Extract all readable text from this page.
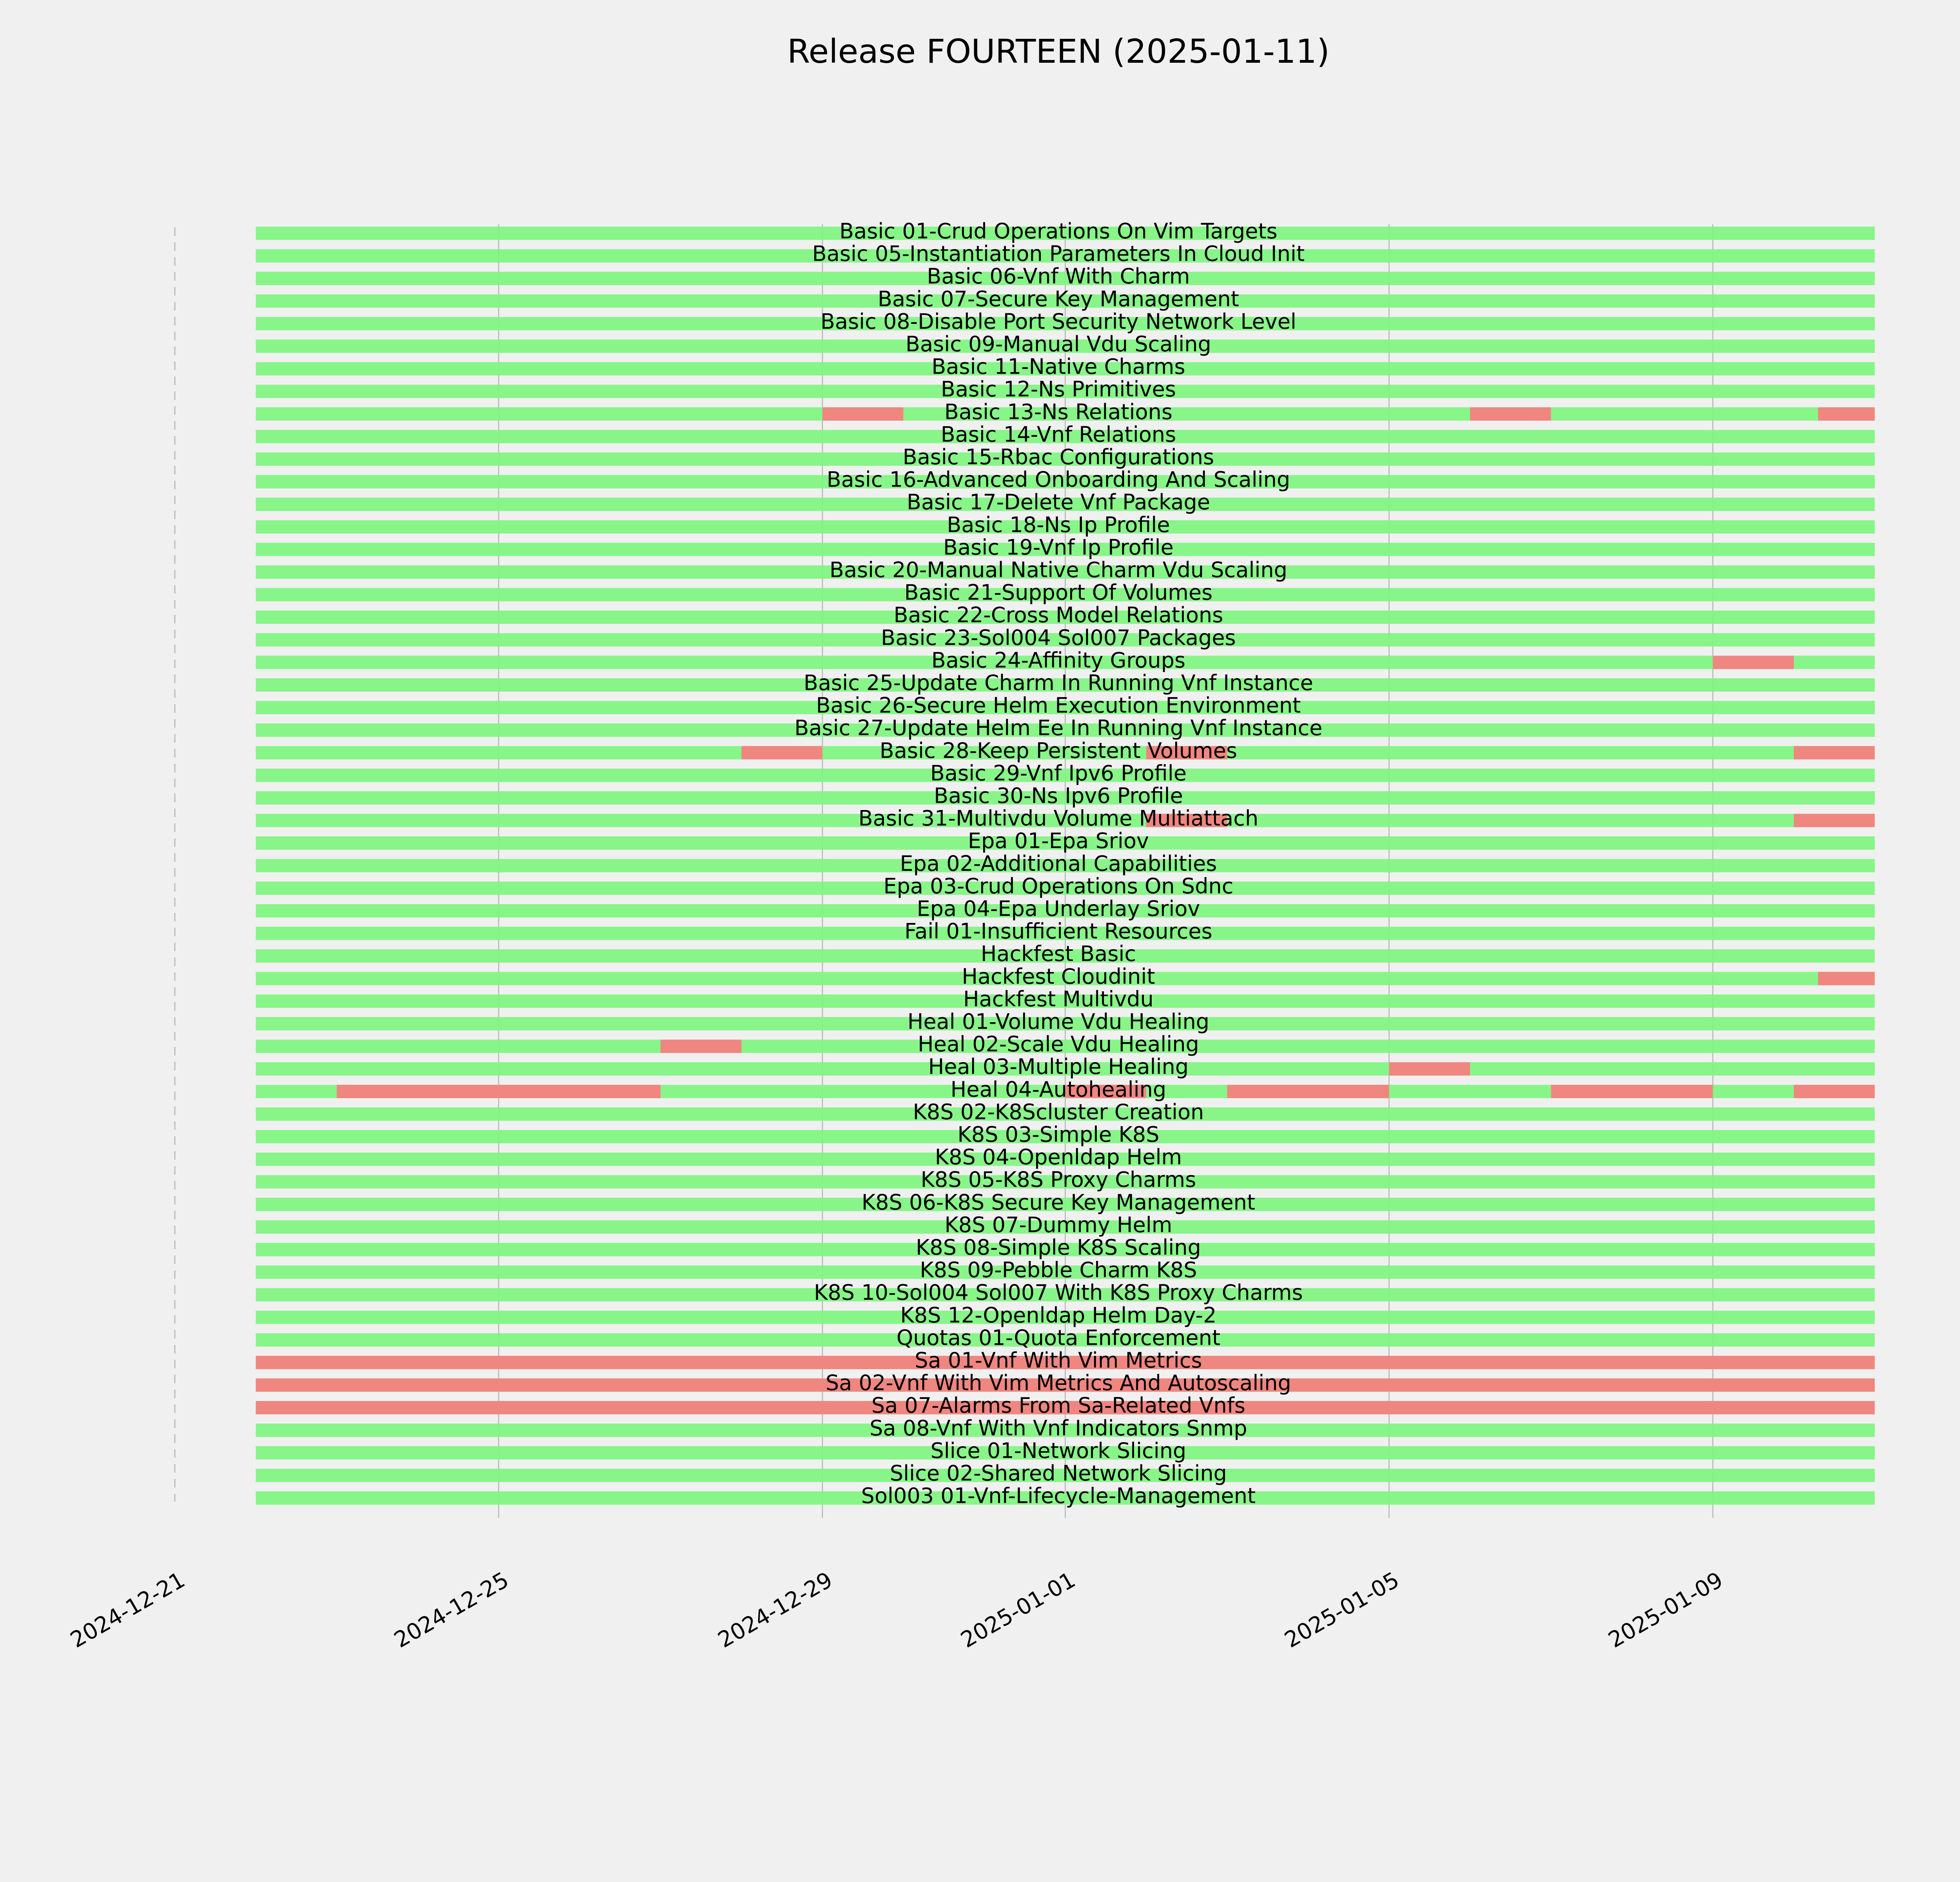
Release FOURTEEN (2025-01-11)
Basic 01-Crud Operations On Vim Targets
Basic 05-Instantiation Parameters In Cloud Init
Basic 06-Vnf With Charm
Basic 07-Secure Key Management
Basic 08-Disable Port Security Network Level
Basic 09-Manual Vdu Scaling
Basic 11-Native Charms
Basic 12-Ns Primitives
Basic 13-Ns Relations
Basic 14-Vnf Relations
Basic 15-Rbac Configurations
Basic 16-Advanced Onboarding And Scaling
Basic 17-Delete Vnf Package
Basic 18-Ns Ip Profile
Basic 19-Vnf Ip Profile
Basic 20-Manual Native Charm Vdu Scaling
Basic 21-Support Of Volumes
Basic 22-Cross Model Relations
Basic 23-Sol004 Sol007 Packages
Basic 24-Affinity Groups
Basic 25-Update Charm In Running Vnf Instance
Basic 26-Secure Helm Execution Environment
Basic 27-Update Helm Ee In Running Vnf Instance
Basic 28-Keep Persistent Volumes
Basic 29-Vnf Ipv6 Profile
Basic 30-Ns Ipv6 Profile
Basic 31-Multivdu Volume Multiattach
Epa 01-Epa Sriov
Epa 02-Additional Capabilities
Epa 03-Crud Operations On Sdnc
Epa 04-Epa Underlay Sriov
Fail 01-Insufficient Resources
Hackfest Basic
Hackfest Cloudinit
Hackfest Multivdu
Heal 01-Volume Vdu Healing
Heal 02-Scale Vdu Healing
Heal 03-Multiple Healing
Heal 04-Autohealing
K8S 02-K8Scluster Creation
K8S 03-Simple K8S
K8S 04-Openldap Helm
K8S 05-K8S Proxy Charms
K8S 06-K8S Secure Key Management
K8S 07-Dummy Helm
K8S 08-Simple K8S Scaling
K8S 09-Pebble Charm K8S
K8S 10-Sol004 Sol007 With K8S Proxy Charms
K8S 12-Openldap Helm Day-2
Quotas 01-Quota Enforcement
Sa 01-Vnf With Vim Metrics
Sa 02-Vnf With Vim Metrics And Autoscaling
Sa 07-Alarms From Sa-Related Vnfs
Sa 08-Vnf With Vnf Indicators Snmp
Slice 01-Network Slicing
Slice 02-Shared Network Slicing
Sol003 01-Vnf-Lifecycle-Management
2024-12-21	2024-12-25	2024-12-29	2025-01-01	2025-01-05	2025-01-09
